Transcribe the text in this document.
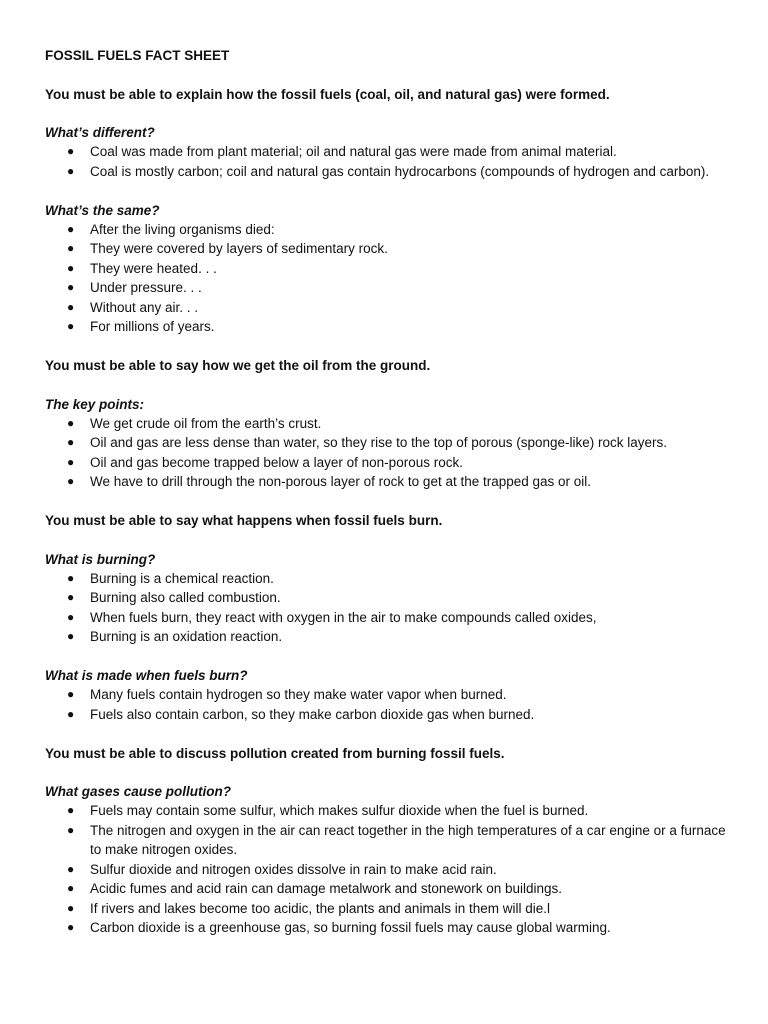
FOSSIL FUELS FACT SHEET

You must be able to explain how the fossil fuels (coal, oil, and natural gas) were formed.

What’s different?

● Coal was made from plant material; oil and natural gas were made from animal material.
● Coal is mostly carbon; coil and natural gas contain hydrocarbons (compounds of hydrogen and carbon).

What’s the same?

● After the living organisms died:
● They were covered by layers of sedimentary rock.
● They were heated. . .
● Under pressure. . .
● Without any air. . .
● For millions of years.

You must be able to say how we get the oil from the ground.

The key points:

● We get crude oil from the earth’s crust.
● Oil and gas are less dense than water, so they rise to the top of porous (sponge-like) rock layers.
● Oil and gas become trapped below a layer of non-porous rock.
● We have to drill through the non-porous layer of rock to get at the trapped gas or oil.

You must be able to say what happens when fossil fuels burn.

What is burning?

● Burning is a chemical reaction.
● Burning also called combustion.
● When fuels burn, they react with oxygen in the air to make compounds called oxides,
● Burning is an oxidation reaction.

What is made when fuels burn?

● Many fuels contain hydrogen so they make water vapor when burned.
● Fuels also contain carbon, so they make carbon dioxide gas when burned.

You must be able to discuss pollution created from burning fossil fuels.

What gases cause pollution?

● Fuels may contain some sulfur, which makes sulfur dioxide when the fuel is burned.
● The nitrogen and oxygen in the air can react together in the high temperatures of a car engine or a furnace to make nitrogen oxides.
● Sulfur dioxide and nitrogen oxides dissolve in rain to make acid rain.
● Acidic fumes and acid rain can damage metalwork and stonework on buildings.
● If rivers and lakes become too acidic, the plants and animals in them will die.l
● Carbon dioxide is a greenhouse gas, so burning fossil fuels may cause global warming.
